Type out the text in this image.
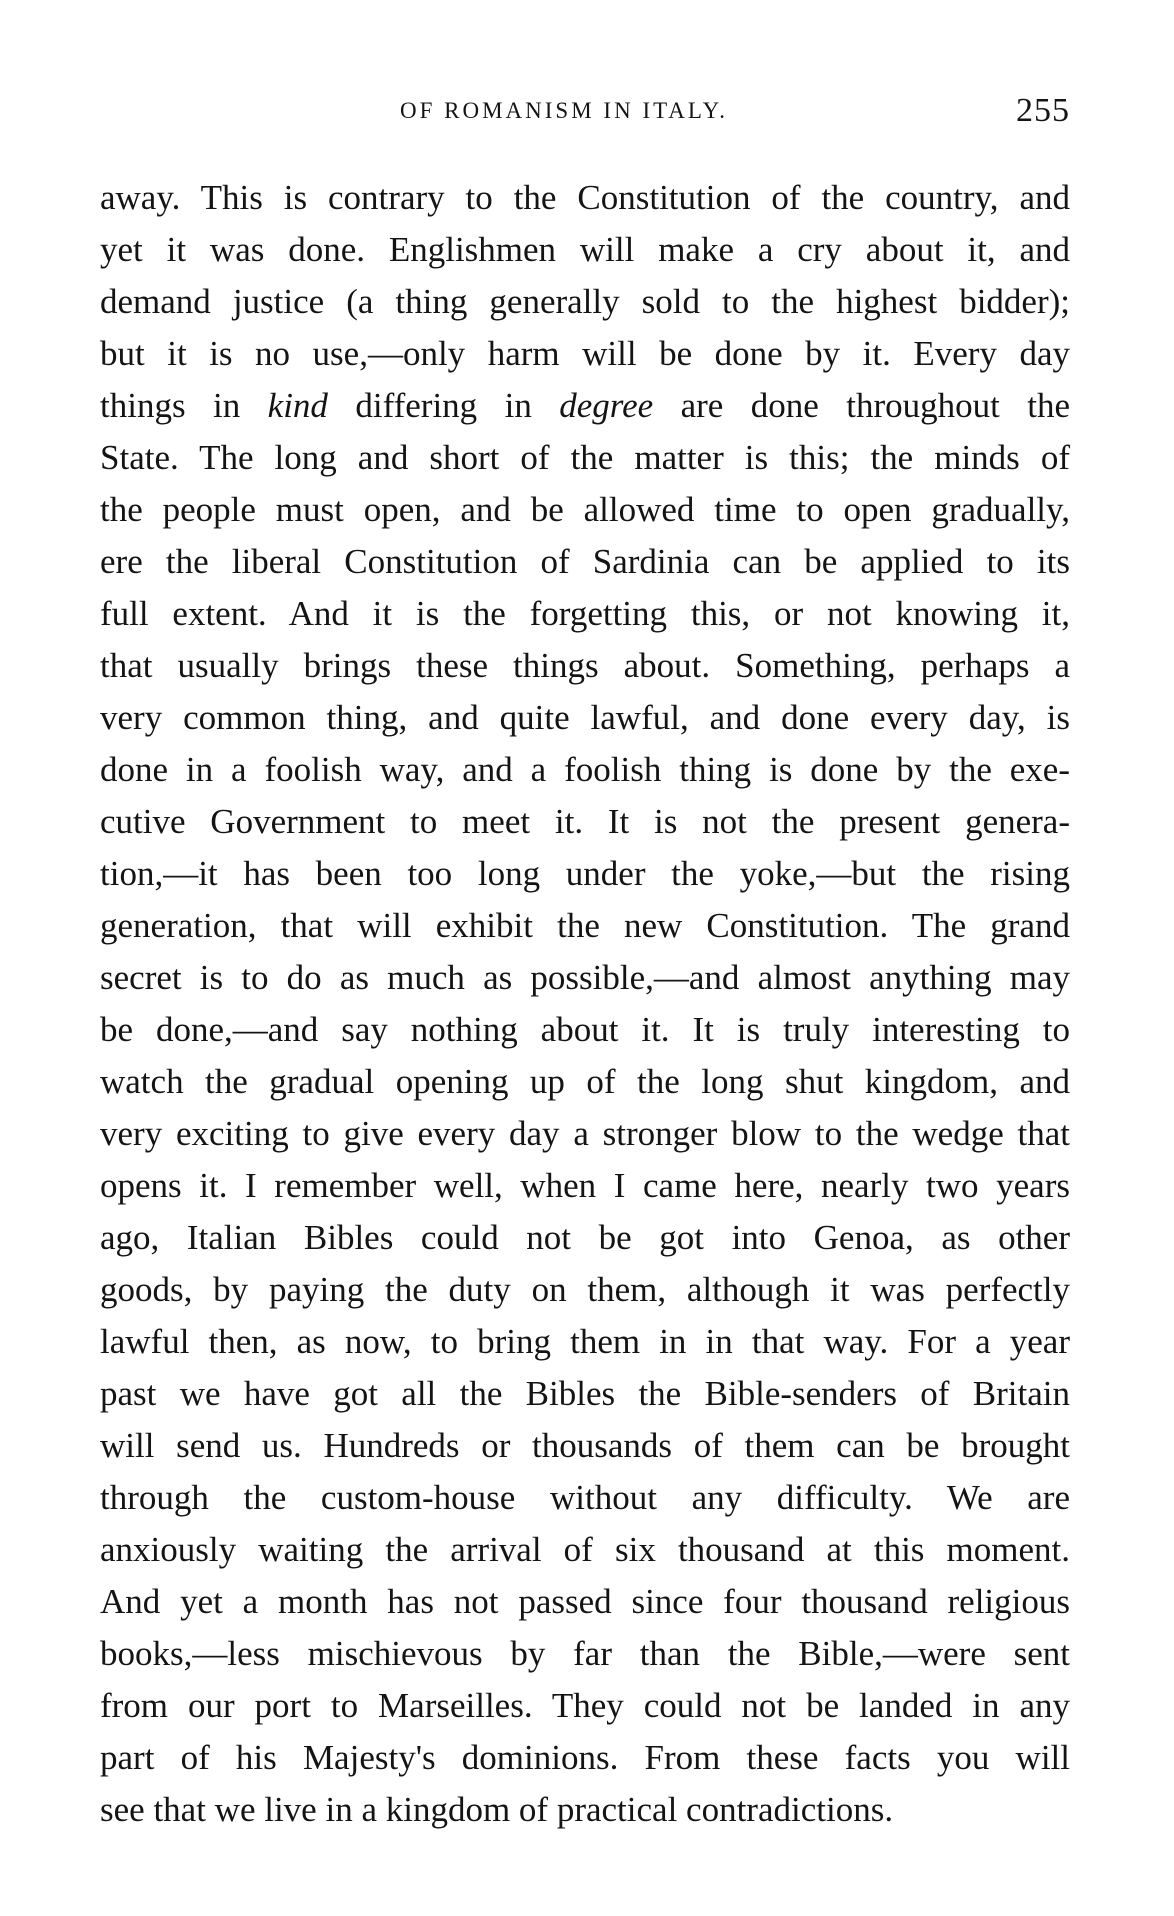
OF ROMANISM IN ITALY.	255
away. This is contrary to the Constitution of the country, and
yet it was done. Englishmen will make a cry about it, and
demand justice (a thing generally sold to the highest bidder);
but it is no use,—only harm will be done by it. Every day
things in kind differing in degree are done throughout the
State. The long and short of the matter is this; the minds of
the people must open, and be allowed time to open gradually,
ere the liberal Constitution of Sardinia can be applied to its
full extent. And it is the forgetting this, or not knowing it,
that usually brings these things about. Something, perhaps a
very common thing, and quite lawful, and done every day, is
done in a foolish way, and a foolish thing is done by the exe-
cutive Government to meet it. It is not the present genera-
tion,—it has been too long under the yoke,—but the rising
generation, that will exhibit the new Constitution. The grand
secret is to do as much as possible,—and almost anything may
be done,—and say nothing about it. It is truly interesting to
watch the gradual opening up of the long shut kingdom, and
very exciting to give every day a stronger blow to the wedge that
opens it. I remember well, when I came here, nearly two years
ago, Italian Bibles could not be got into Genoa, as other
goods, by paying the duty on them, although it was perfectly
lawful then, as now, to bring them in in that way. For a year
past we have got all the Bibles the Bible-senders of Britain
will send us. Hundreds or thousands of them can be brought
through the custom-house without any difficulty. We are
anxiously waiting the arrival of six thousand at this moment.
And yet a month has not passed since four thousand religious
books,—less mischievous by far than the Bible,—were sent
from our port to Marseilles. They could not be landed in any
part of his Majesty's dominions. From these facts you will
see that we live in a kingdom of practical contradictions.
